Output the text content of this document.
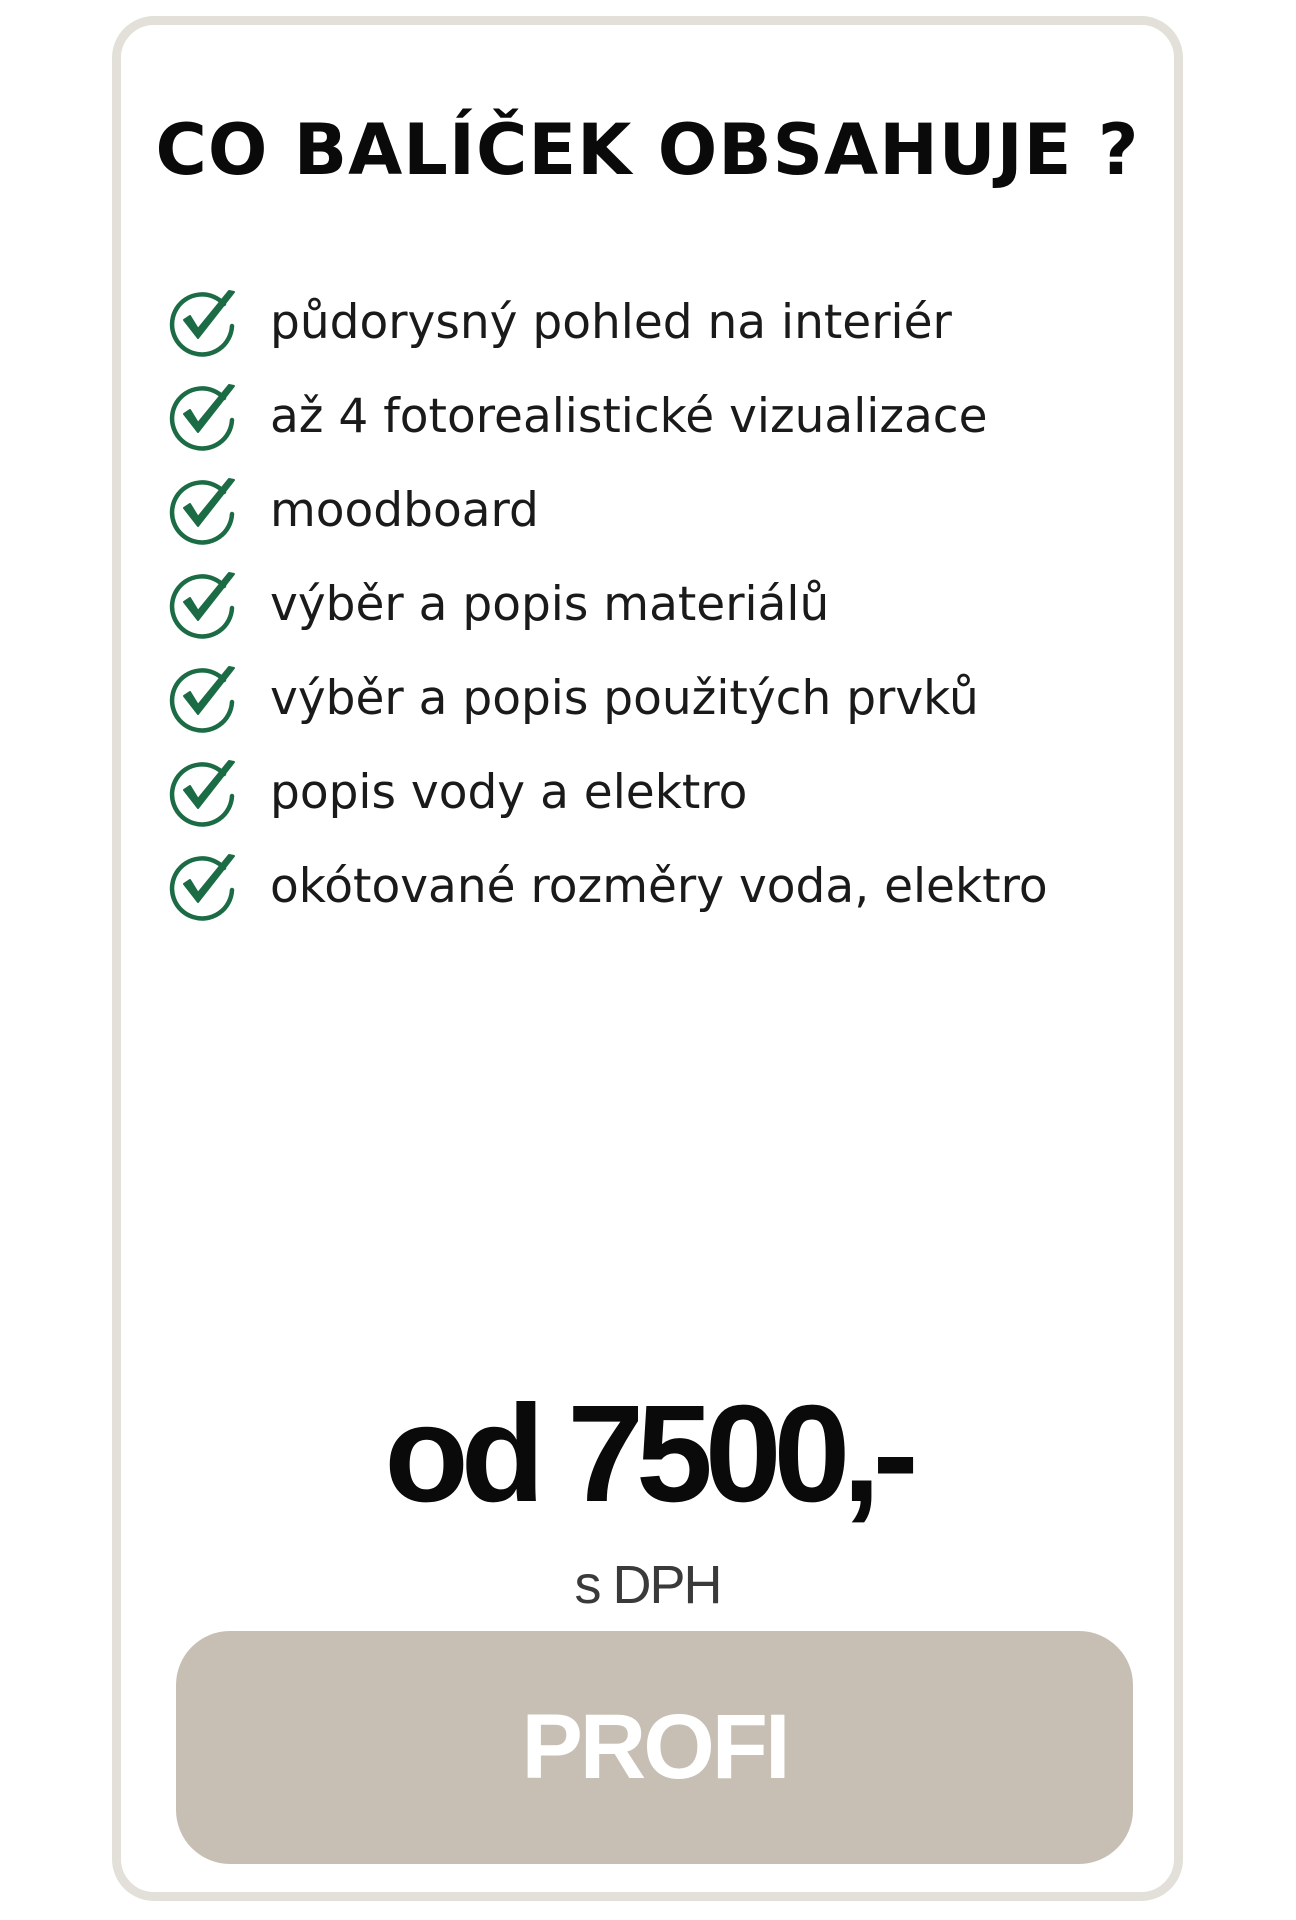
CO BALÍČEK OBSAHUJE ?
půdorysný pohled na interiér
až 4 fotorealistické vizualizace
moodboard
výběr a popis materiálů
výběr a popis použitých prvků
popis vody a elektro
okótované rozměry voda, elektro
od 7500,-
s DPH
PROFI
